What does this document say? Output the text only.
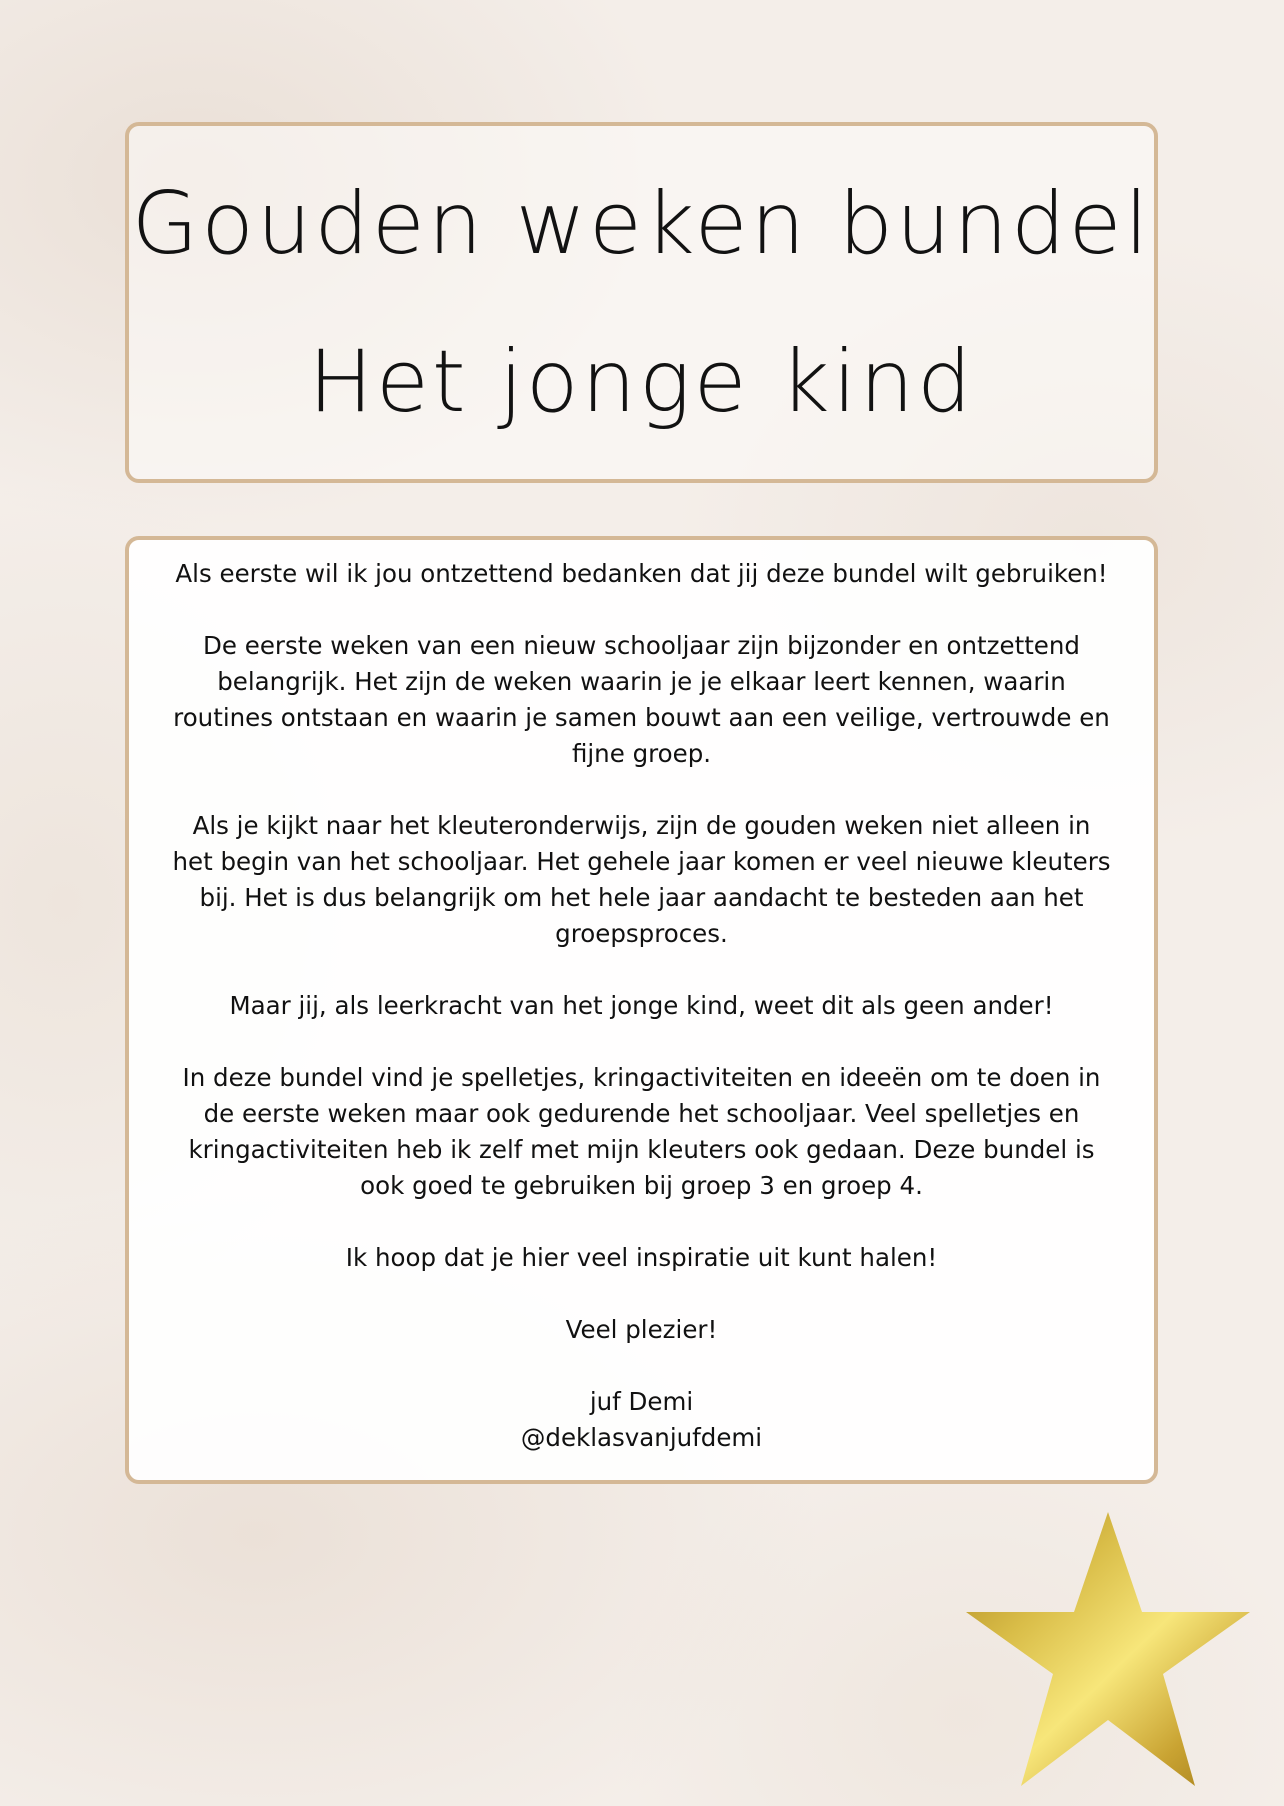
Gouden weken bundel
Het jonge kind

Als eerste wil ik jou ontzettend bedanken dat jij deze bundel wilt gebruiken!

De eerste weken van een nieuw schooljaar zijn bijzonder en ontzettend belangrijk. Het zijn de weken waarin je je elkaar leert kennen, waarin routines ontstaan en waarin je samen bouwt aan een veilige, vertrouwde en fijne groep.

Als je kijkt naar het kleuteronderwijs, zijn de gouden weken niet alleen in het begin van het schooljaar. Het gehele jaar komen er veel nieuwe kleuters bij. Het is dus belangrijk om het hele jaar aandacht te besteden aan het groepsproces.

Maar jij, als leerkracht van het jonge kind, weet dit als geen ander!

In deze bundel vind je spelletjes, kringactiviteiten en ideeën om te doen in de eerste weken maar ook gedurende het schooljaar. Veel spelletjes en kringactiviteiten heb ik zelf met mijn kleuters ook gedaan. Deze bundel is ook goed te gebruiken bij groep 3 en groep 4.

Ik hoop dat je hier veel inspiratie uit kunt halen!

Veel plezier!

juf Demi
@deklasvanjufdemi
